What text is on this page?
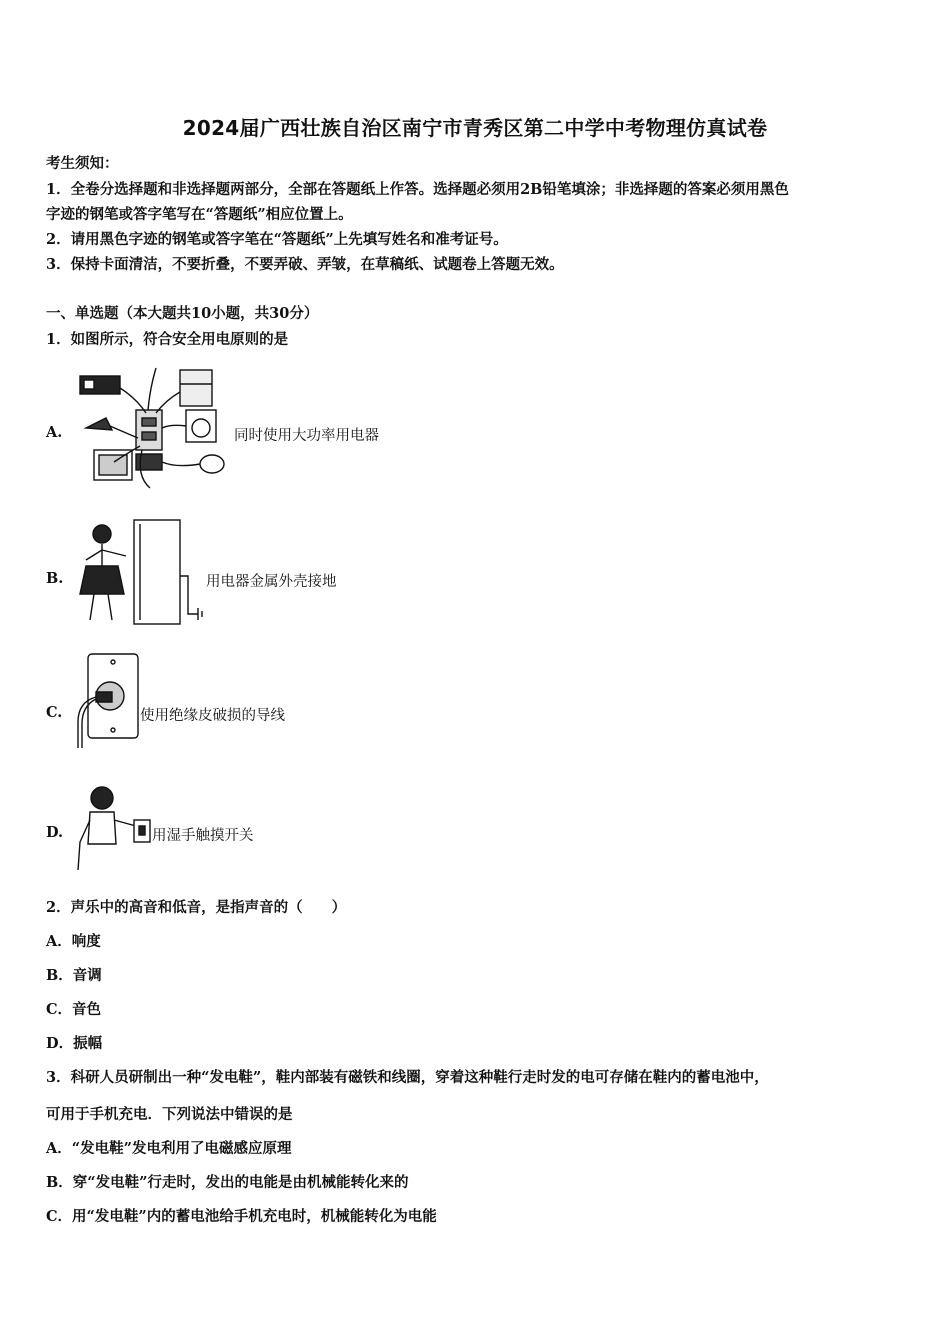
2024届广西壮族自治区南宁市青秀区第二中学中考物理仿真试卷
考生须知：
1．全卷分选择题和非选择题两部分，全部在答题纸上作答。选择题必须用2B铅笔填涂；非选择题的答案必须用黑色
字迹的钢笔或答字笔写在“答题纸”相应位置上。
2．请用黑色字迹的钢笔或答字笔在“答题纸”上先填写姓名和准考证号。
3．保持卡面清洁，不要折叠，不要弄破、弄皱，在草稿纸、试题卷上答题无效。
一、单选题（本大题共10小题，共30分）
1．如图所示，符合安全用电原则的是
A.	同时使用大功率用电器
B.	用电器金属外壳接地
C.	使用绝缘皮破损的导线
D.	用湿手触摸开关
2．声乐中的高音和低音，是指声音的（　　）
A．响度
B．音调
C．音色
D．振幅
3．科研人员研制出一种“发电鞋”，鞋内部装有磁铁和线圈，穿着这种鞋行走时发的电可存储在鞋内的蓄电池中，
可用于手机充电．下列说法中错误的是
A．“发电鞋”发电利用了电磁感应原理
B．穿“发电鞋”行走时，发出的电能是由机械能转化来的
C．用“发电鞋”内的蓄电池给手机充电时，机械能转化为电能
